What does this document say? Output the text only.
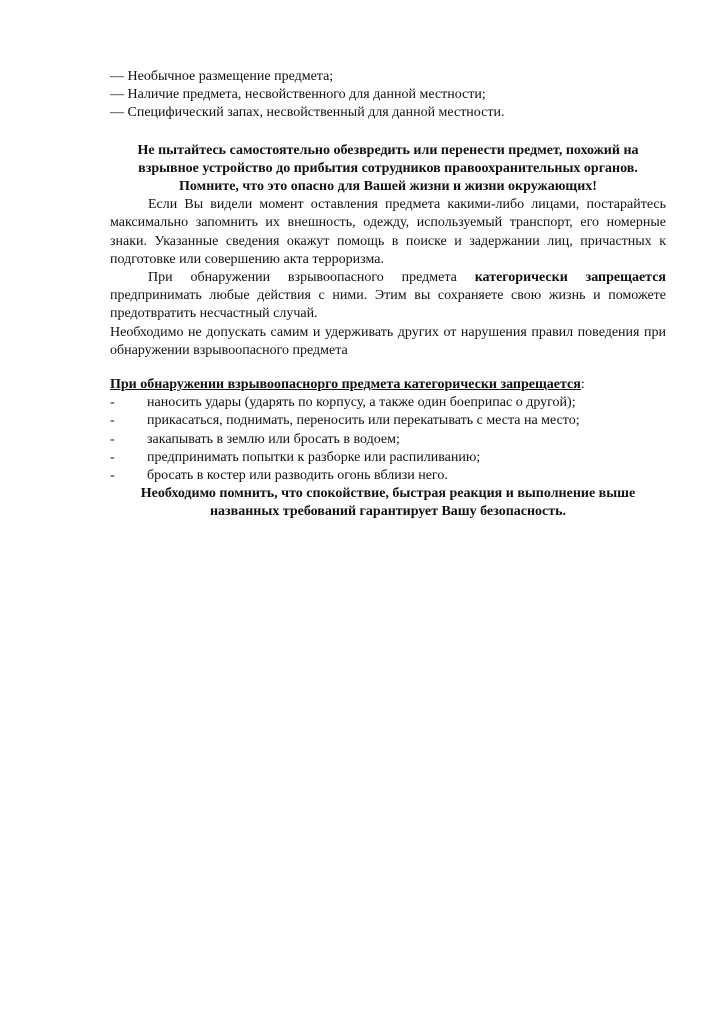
— Необычное размещение предмета;
— Наличие предмета, несвойственного для данной местности;
— Специфический запах, несвойственный для данной местности.
Не пытайтесь самостоятельно обезвредить или перенести предмет, похожий на
взрывное устройство до прибытия сотрудников правоохранительных органов.
Помните, что это опасно для Вашей жизни и жизни окружающих!
Если Вы видели момент оставления предмета какими-либо лицами, постарайтесь максимально запомнить их внешность, одежду, используемый транспорт, его номерные знаки. Указанные сведения окажут помощь в поиске и задержании лиц, причастных к подготовке или совершению акта терроризма.
При обнаружении взрывоопасного предмета категорически запрещается предпринимать любые действия с ними. Этим вы сохраняете свою жизнь и поможете предотвратить несчастный случай.
Необходимо не допускать самим и удерживать других от нарушения правил поведения при обнаружении взрывоопасного предмета
При обнаружении взрывоопаснорго предмета категорически запрещается:
-	наносить удары (ударять по корпусу, а также один боеприпас о другой);
-	прикасаться, поднимать, переносить или перекатывать с места на место;
-	закапывать в землю или бросать в водоем;
-	предпринимать попытки к разборке или распиливанию;
-	бросать в костер или разводить огонь вблизи него.
Необходимо помнить, что спокойствие, быстрая реакция и выполнение выше
названных требований гарантирует Вашу безопасность.
